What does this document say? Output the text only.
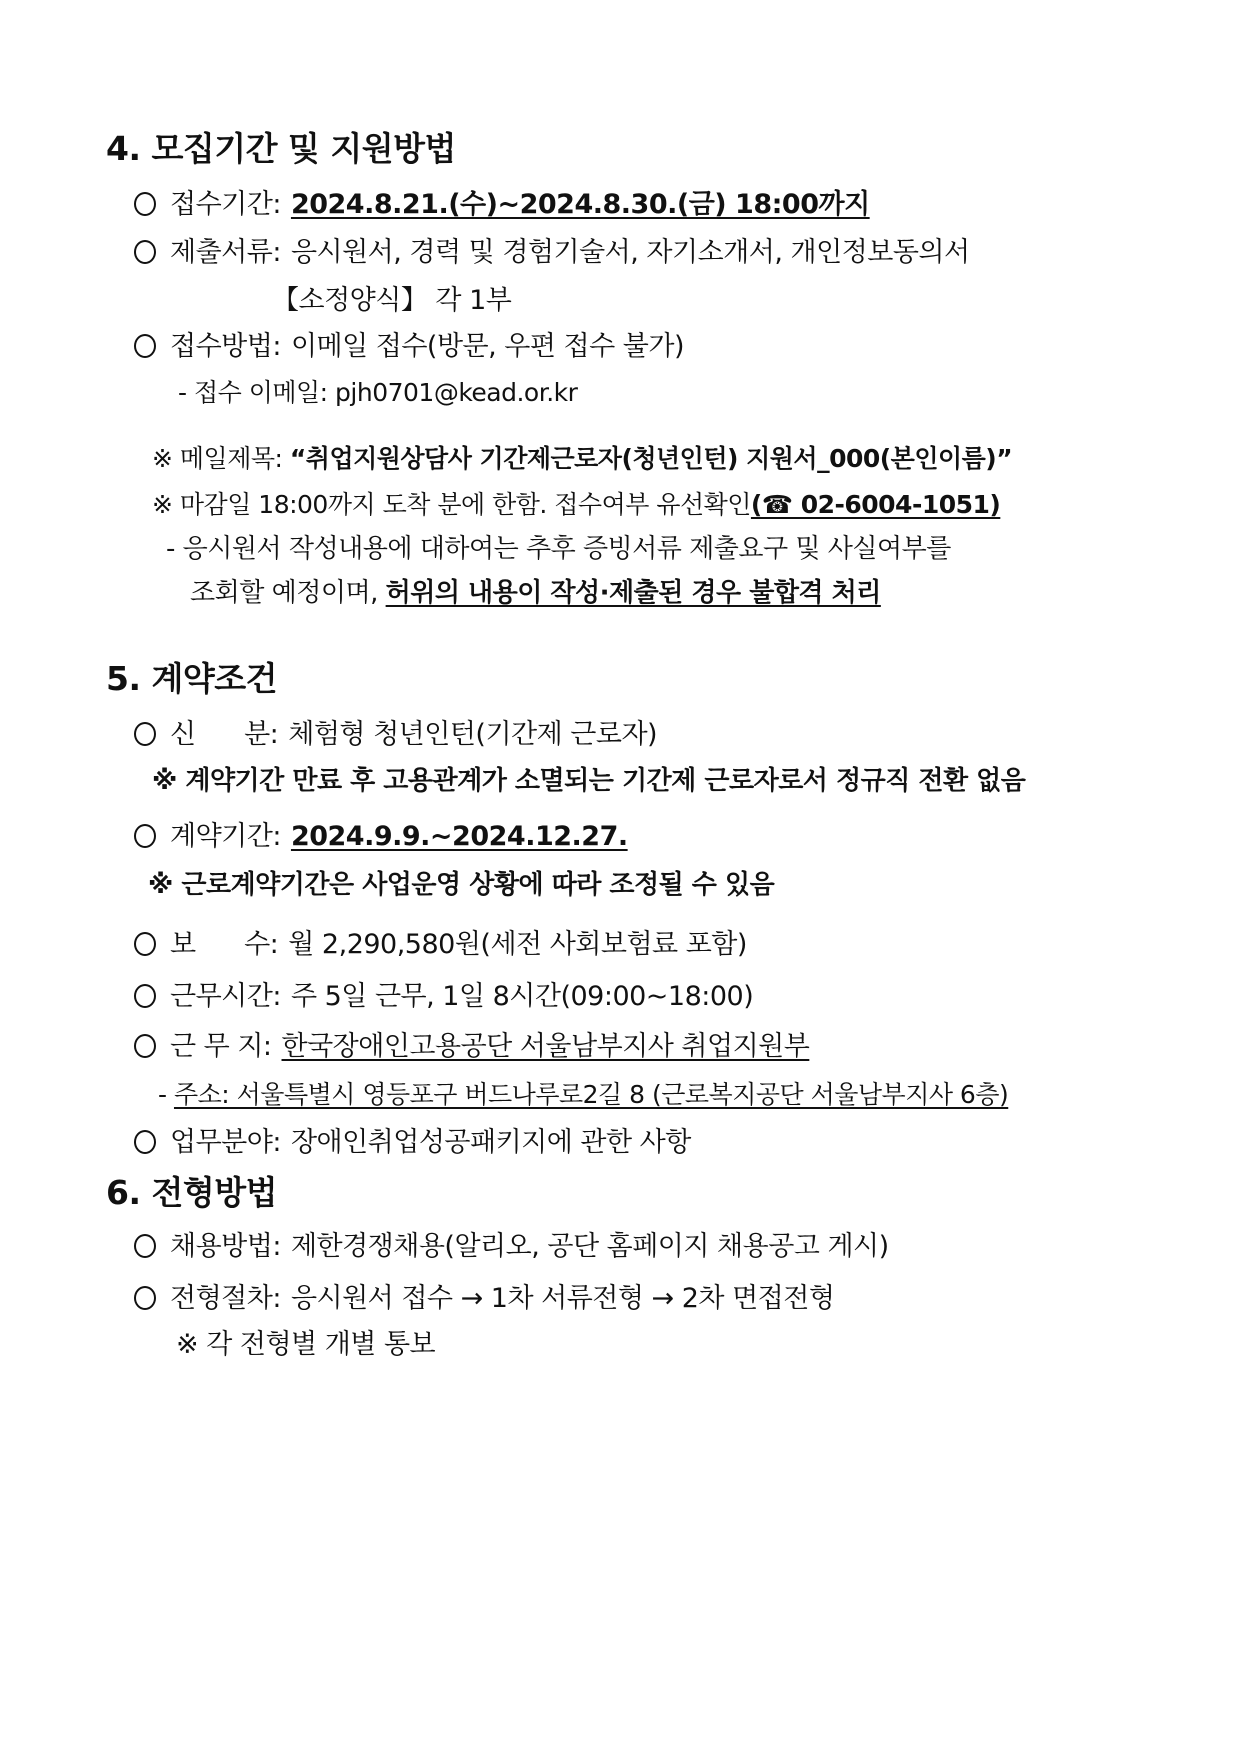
4. 모집기간 및 지원방법
접수기간: 2024.8.21.(수)~2024.8.30.(금) 18:00까지
제출서류: 응시원서, 경력 및 경험기술서, 자기소개서, 개인정보동의서
【소정양식】 각 1부
접수방법: 이메일 접수(방문, 우편 접수 불가)
- 접수 이메일: pjh0701@kead.or.kr
※ 메일제목: “취업지원상담사 기간제근로자(청년인턴) 지원서_000(본인이름)”
※ 마감일 18:00까지 도착 분에 한함. 접수여부 유선확인(☎ 02-6004-1051)
- 응시원서 작성내용에 대하여는 추후 증빙서류 제출요구 및 사실여부를
조회할 예정이며, 허위의 내용이 작성·제출된 경우 불합격 처리
5. 계약조건
신      분: 체험형 청년인턴(기간제 근로자)
※ 계약기간 만료 후 고용관계가 소멸되는 기간제 근로자로서 정규직 전환 없음
계약기간: 2024.9.9.~2024.12.27.
※ 근로계약기간은 사업운영 상황에 따라 조정될 수 있음
보      수: 월 2,290,580원(세전 사회보험료 포함)
근무시간: 주 5일 근무, 1일 8시간(09:00~18:00)
근 무 지: 한국장애인고용공단 서울남부지사 취업지원부
- 주소: 서울특별시 영등포구 버드나루로2길 8 (근로복지공단 서울남부지사 6층)
업무분야: 장애인취업성공패키지에 관한 사항
6. 전형방법
채용방법: 제한경쟁채용(알리오, 공단 홈페이지 채용공고 게시)
전형절차: 응시원서 접수 → 1차 서류전형 → 2차 면접전형
※ 각 전형별 개별 통보
